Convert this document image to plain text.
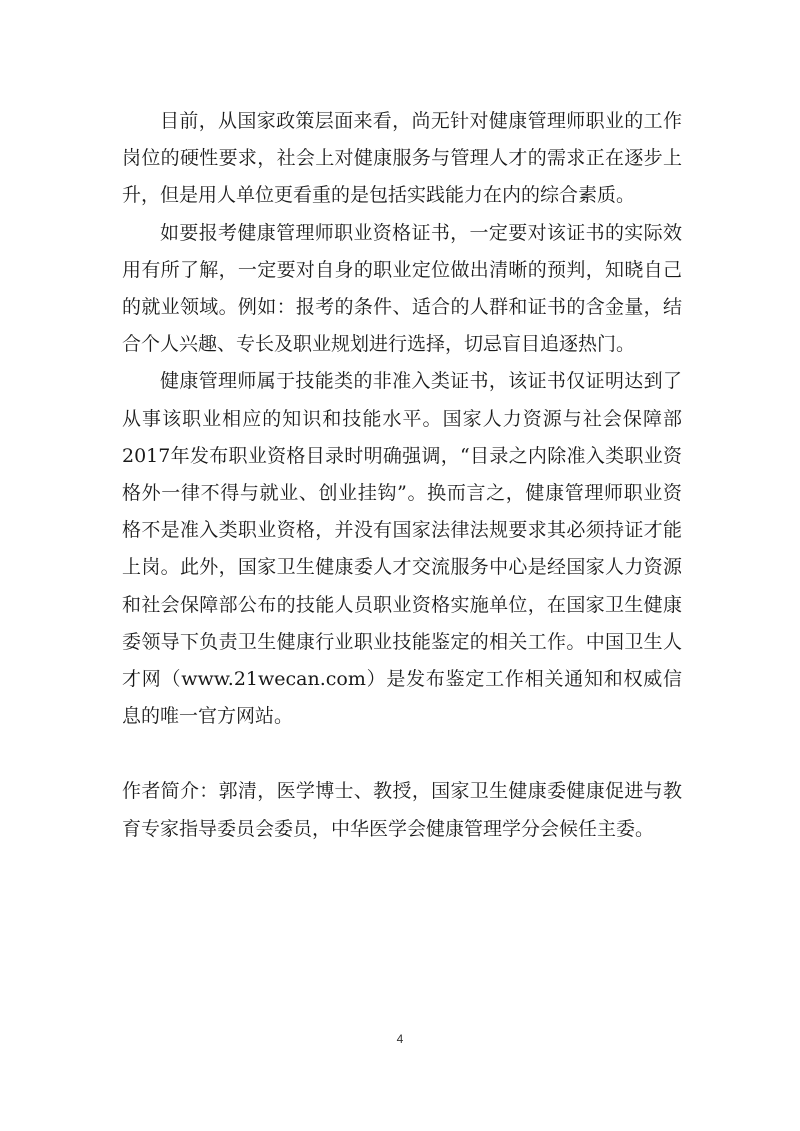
目前，从国家政策层面来看，尚无针对健康管理师职业的工作岗位的硬性要求，社会上对健康服务与管理人才的需求正在逐步上升，但是用人单位更看重的是包括实践能力在内的综合素质。

如要报考健康管理师职业资格证书，一定要对该证书的实际效用有所了解，一定要对自身的职业定位做出清晰的预判，知晓自己的就业领域。例如：报考的条件、适合的人群和证书的含金量，结合个人兴趣、专长及职业规划进行选择，切忌盲目追逐热门。

健康管理师属于技能类的非准入类证书，该证书仅证明达到了从事该职业相应的知识和技能水平。国家人力资源与社会保障部 2017年发布职业资格目录时明确强调，“目录之内除准入类职业资格外一律不得与就业、创业挂钩”。换而言之，健康管理师职业资格不是准入类职业资格，并没有国家法律法规要求其必须持证才能上岗。此外，国家卫生健康委人才交流服务中心是经国家人力资源和社会保障部公布的技能人员职业资格实施单位，在国家卫生健康委领导下负责卫生健康行业职业技能鉴定的相关工作。中国卫生人才网（www.21wecan.com）是发布鉴定工作相关通知和权威信息的唯一官方网站。

作者简介：郭清，医学博士、教授，国家卫生健康委健康促进与教育专家指导委员会委员，中华医学会健康管理学分会候任主委。

4
